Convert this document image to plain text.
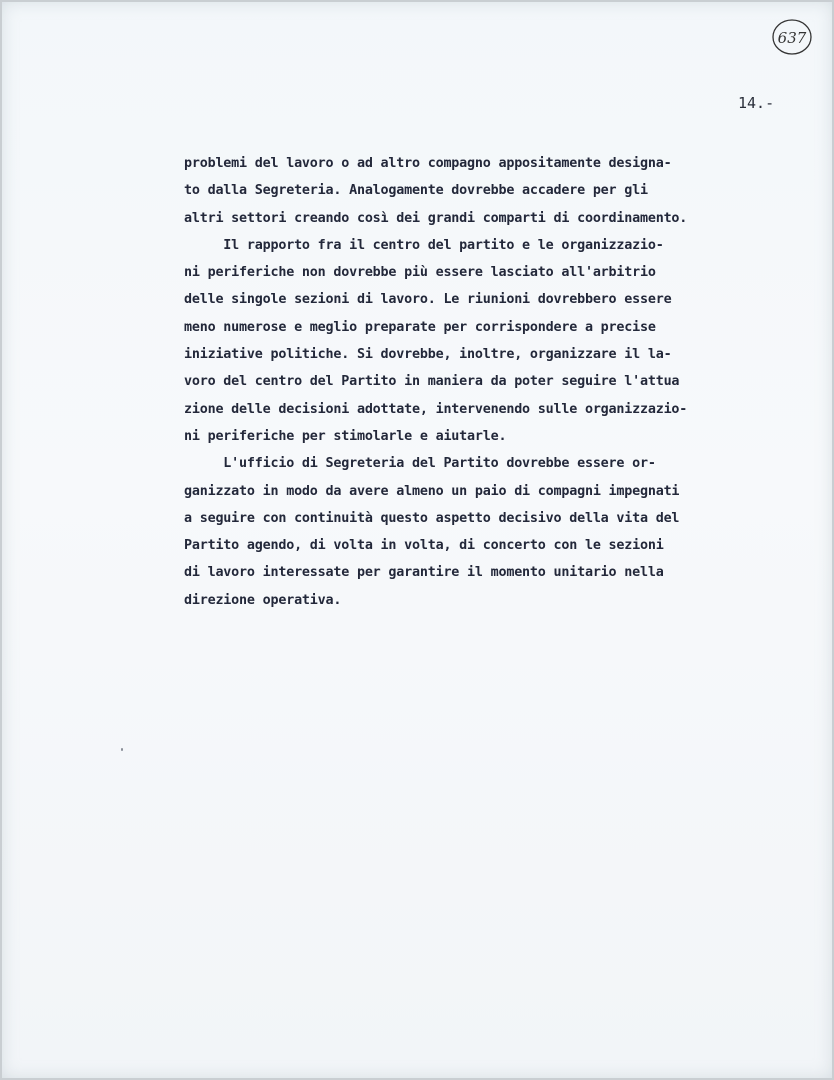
637
14.-
problemi del lavoro o ad altro compagno appositamente designa-
to dalla Segreteria. Analogamente dovrebbe accadere per gli
altri settori creando così dei grandi comparti di coordinamento.
Il rapporto fra il centro del partito e le organizzazio-
ni periferiche non dovrebbe più essere lasciato all'arbitrio
delle singole sezioni di lavoro. Le riunioni dovrebbero essere
meno numerose e meglio preparate per corrispondere a precise
iniziative politiche. Si dovrebbe, inoltre, organizzare il la-
voro del centro del Partito in maniera da poter seguire l'attua
zione delle decisioni adottate, intervenendo sulle organizzazio-
ni periferiche per stimolarle e aiutarle.
L'ufficio di Segreteria del Partito dovrebbe essere or-
ganizzato in modo da avere almeno un paio di compagni impegnati
a seguire con continuità questo aspetto decisivo della vita del
Partito agendo, di volta in volta, di concerto con le sezioni
di lavoro interessate per garantire il momento unitario nella
direzione operativa.
